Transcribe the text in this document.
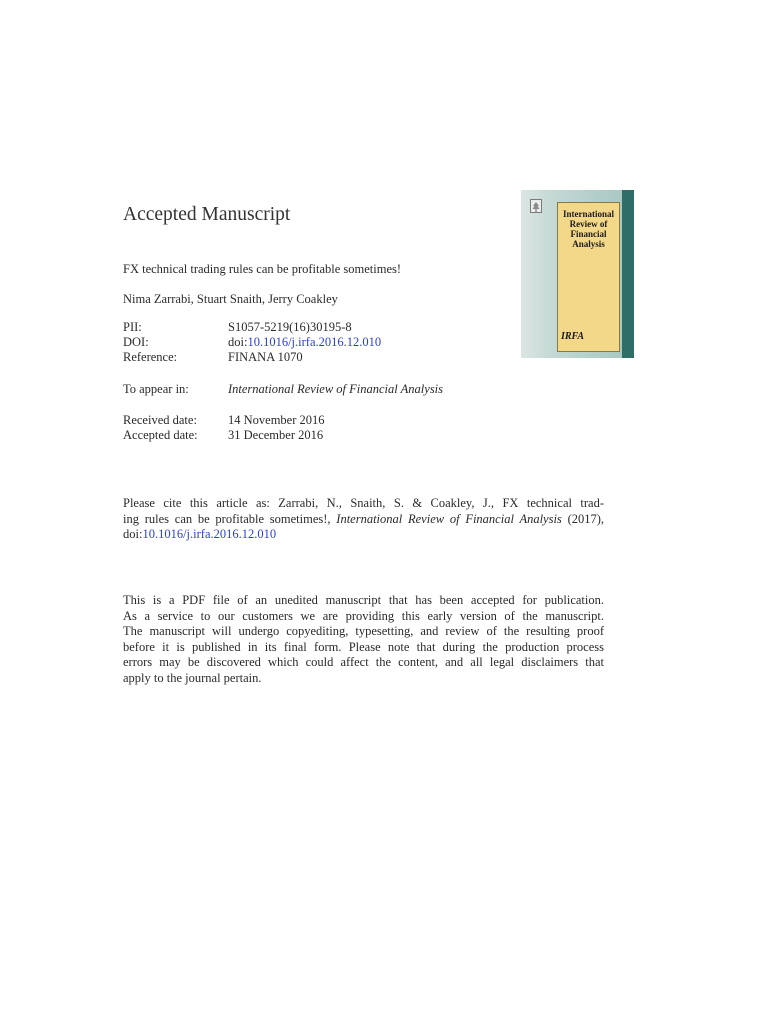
Accepted Manuscript
FX technical trading rules can be profitable sometimes!
Nima Zarrabi, Stuart Snaith, Jerry Coakley
PII:	S1057-5219(16)30195-8
DOI:	doi:10.1016/j.irfa.2016.12.010
Reference:	FINANA 1070
To appear in:	International Review of Financial Analysis
Received date: 14 November 2016
Accepted date: 31 December 2016
Please cite this article as: Zarrabi, N., Snaith, S. & Coakley, J., FX technical trad-
ing rules can be profitable sometimes!, International Review of Financial Analysis (2017),
doi:10.1016/j.irfa.2016.12.010
This is a PDF file of an unedited manuscript that has been accepted for publication.
As a service to our customers we are providing this early version of the manuscript.
The manuscript will undergo copyediting, typesetting, and review of the resulting proof
before it is published in its final form. Please note that during the production process
errors may be discovered which could affect the content, and all legal disclaimers that
apply to the journal pertain.
International
Review of
Financial
Analysis
IRFA
